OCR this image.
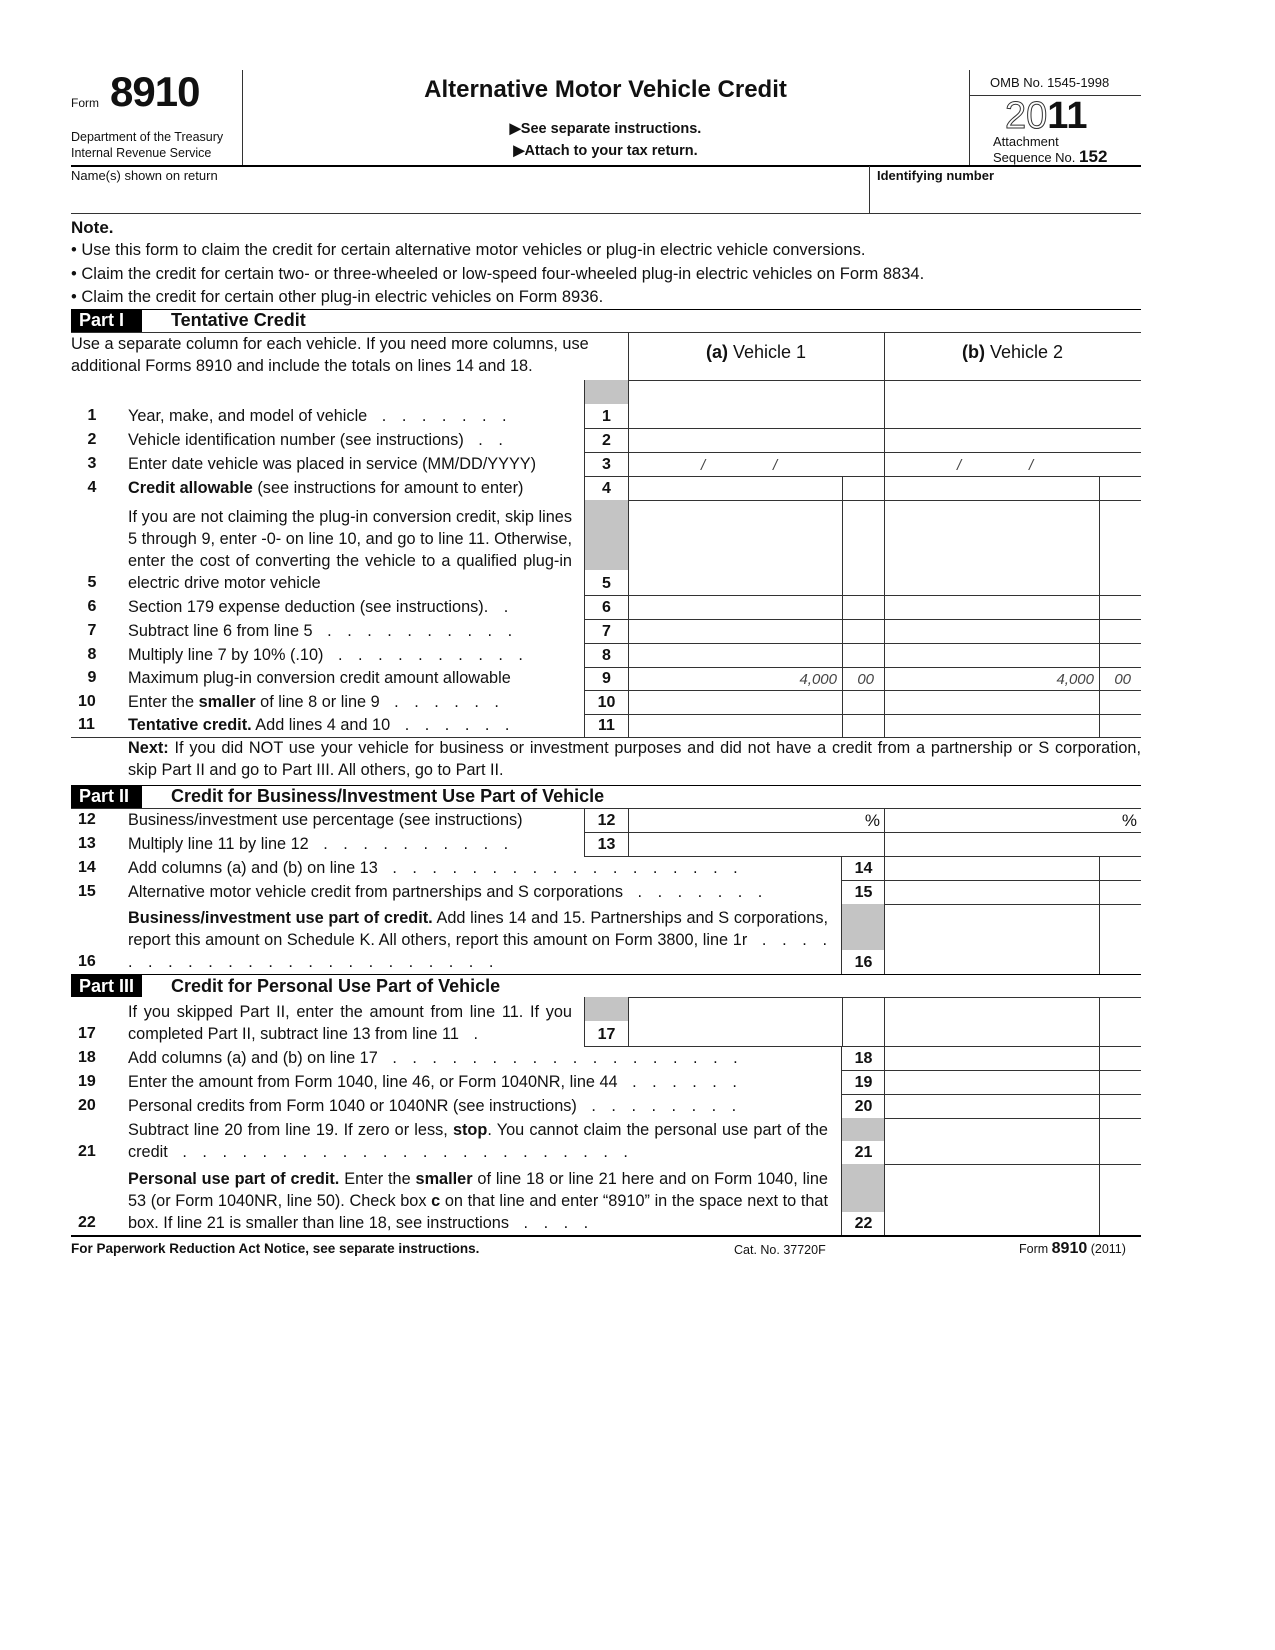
Form 8910
Department of the Treasury
Internal Revenue Service
Alternative Motor Vehicle Credit
▶See separate instructions.
▶Attach to your tax return.
OMB No. 1545-1998
2011
Attachment
Sequence No. 152
Name(s) shown on return	Identifying number
Note.
• Use this form to claim the credit for certain alternative motor vehicles or plug-in electric vehicle conversions.
• Claim the credit for certain two- or three-wheeled or low-speed four-wheeled plug-in electric vehicles on Form 8834.
• Claim the credit for certain other plug-in electric vehicles on Form 8936.
Part I	Tentative Credit
Use a separate column for each vehicle. If you need more columns, use additional Forms 8910 and include the totals on lines 14 and 18.
(a) Vehicle 1	(b) Vehicle 2
Next: If you did NOT use your vehicle for business or investment purposes and did not have a credit from a partnership or S corporation, skip Part II and go to Part III. All others, go to Part II.
Part II	Credit for Business/Investment Use Part of Vehicle
Part III	Credit for Personal Use Part of Vehicle
1	Year, make, and model of vehicle . . . . . . .	1
2	Vehicle identification number (see instructions) . .	2
3	Enter date vehicle was placed in service (MM/DD/YYYY)	3	/	/	/	/
4	Credit allowable (see instructions for amount to enter)	4
5
If you are not claiming the plug-in conversion credit, skip lines 5 through 9, enter -0- on line 10, and go to line 11. Otherwise, enter the cost of converting the vehicle to a qualified plug-in electric drive motor vehicle	5
6	Section 179 expense deduction (see instructions). .	6
7	Subtract line 6 from line 5 . . . . . . . . . .	7
8	Multiply line 7 by 10% (.10) . . . . . . . . . .	8
9	Maximum plug-in conversion credit amount allowable	9	4,000 00	4,000 00
10	Enter the smaller of line 8 or line 9 . . . . . .	10
11	Tentative credit. Add lines 4 and 10 . . . . . .	11
12	Business/investment use percentage (see instructions)	12	%	%
13	Multiply line 11 by line 12 . . . . . . . . . .	13
14	Add columns (a) and (b) on line 13 . . . . . . . . . . . . . . . . . .	14
15	Alternative motor vehicle credit from partnerships and S corporations . . . . . . .	15
16
Business/investment use part of credit. Add lines 14 and 15. Partnerships and S corporations, report this amount on Schedule K. All others, report this amount on Form 3800, line 1r . . . . . . . . . . . . . . . . . . . . . . .	16
17
If you skipped Part II, enter the amount from line 11. If you completed Part II, subtract line 13 from line 11 .	17
18	Add columns (a) and (b) on line 17 . . . . . . . . . . . . . . . . . .	18
19	Enter the amount from Form 1040, line 46, or Form 1040NR, line 44 . . . . . .	19
20	Personal credits from Form 1040 or 1040NR (see instructions) . . . . . . . .	20
21
Subtract line 20 from line 19. If zero or less, stop. You cannot claim the personal use part of the credit . . . . . . . . . . . . . . . . . . . . . . .	21
22
Personal use part of credit. Enter the smaller of line 18 or line 21 here and on Form 1040, line 53 (or Form 1040NR, line 50). Check box c on that line and enter “8910” in the space next to that box. If line 21 is smaller than line 18, see instructions . . . .	22
For Paperwork Reduction Act Notice, see separate instructions.	Cat. No. 37720F	Form 8910 (2011)
